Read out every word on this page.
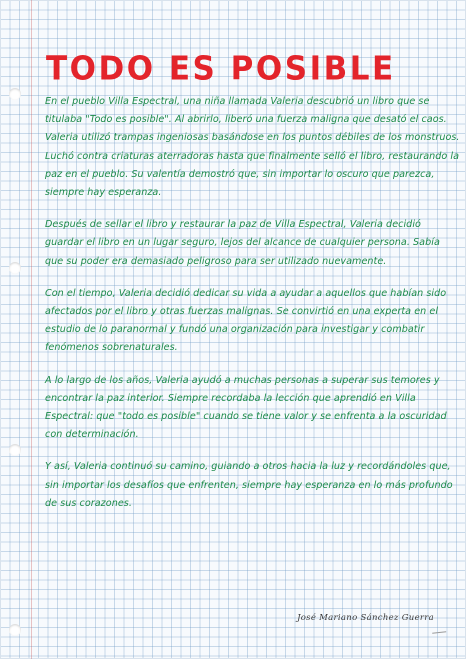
TODO ES POSIBLE

En el pueblo Villa Espectral, una niña llamada Valeria descubrió un libro que se titulaba "Todo es posible". Al abrirlo, liberó una fuerza maligna que desató el caos. Valeria utilizó trampas ingeniosas basándose en los puntos débiles de los monstruos. Luchó contra criaturas aterradoras hasta que finalmente selló el libro, restaurando la paz en el pueblo. Su valentía demostró que, sin importar lo oscuro que parezca, siempre hay esperanza.

Después de sellar el libro y restaurar la paz de Villa Espectral, Valeria decidió guardar el libro en un lugar seguro, lejos del alcance de cualquier persona. Sabía que su poder era demasiado peligroso para ser utilizado nuevamente.

Con el tiempo, Valeria decidió dedicar su vida a ayudar a aquellos que habían sido afectados por el libro y otras fuerzas malignas. Se convirtió en una experta en el estudio de lo paranormal y fundó una organización para investigar y combatir fenómenos sobrenaturales.

A lo largo de los años, Valeria ayudó a muchas personas a superar sus temores y encontrar la paz interior. Siempre recordaba la lección que aprendió en Villa Espectral: que "todo es posible" cuando se tiene valor y se enfrenta a la oscuridad con determinación.

Y así, Valeria continuó su camino, guiando a otros hacia la luz y recordándoles que, sin importar los desafíos que enfrenten, siempre hay esperanza en lo más profundo de sus corazones.

José Mariano Sánchez Guerra
